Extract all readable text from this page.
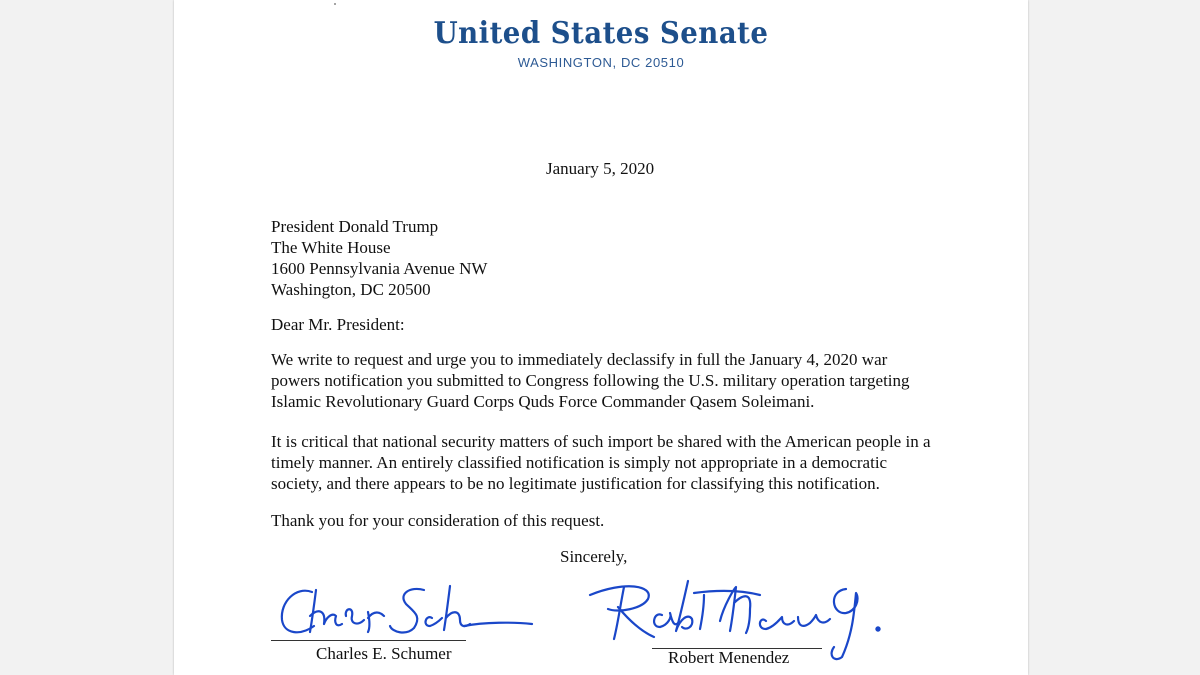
United States Senate
WASHINGTON, DC 20510
January 5, 2020
President Donald Trump
The White House
1600 Pennsylvania Avenue NW
Washington, DC 20500
Dear Mr. President:
We write to request and urge you to immediately declassify in full the January 4, 2020 war
powers notification you submitted to Congress following the U.S. military operation targeting
Islamic Revolutionary Guard Corps Quds Force Commander Qasem Soleimani.
It is critical that national security matters of such import be shared with the American people in a
timely manner. An entirely classified notification is simply not appropriate in a democratic
society, and there appears to be no legitimate justification for classifying this notification.
Thank you for your consideration of this request.
Sincerely,
Charles E. Schumer	Robert Menendez
